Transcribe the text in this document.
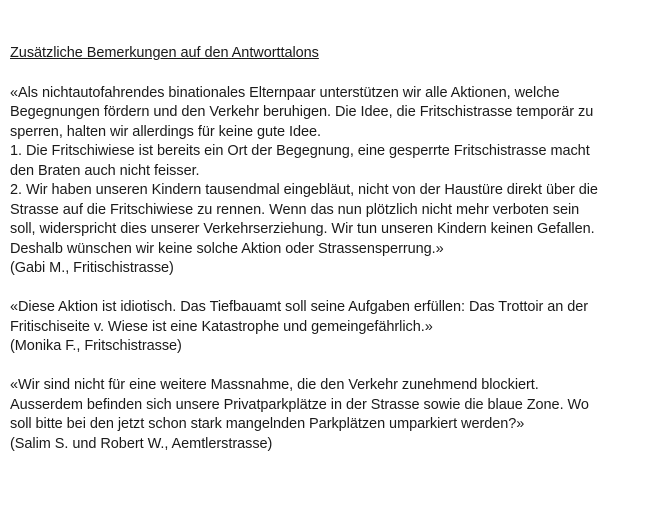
Zusätzliche Bemerkungen auf den Antworttalons
«Als nichtautofahrendes binationales Elternpaar unterstützen wir alle Aktionen, welche
Begegnungen fördern und den Verkehr beruhigen. Die Idee, die Fritschistrasse temporär zu
sperren, halten wir allerdings für keine gute Idee.
1. Die Fritschiwiese ist bereits ein Ort der Begegnung, eine gesperrte Fritschistrasse macht
den Braten auch nicht feisser.
2. Wir haben unseren Kindern tausendmal eingebläut, nicht von der Haustüre direkt über die
Strasse auf die Fritschiwiese zu rennen. Wenn das nun plötzlich nicht mehr verboten sein
soll, widerspricht dies unserer Verkehrserziehung. Wir tun unseren Kindern keinen Gefallen.
Deshalb wünschen wir keine solche Aktion oder Strassensperrung.»
(Gabi M., Fritischistrasse)
«Diese Aktion ist idiotisch. Das Tiefbauamt soll seine Aufgaben erfüllen: Das Trottoir an der
Fritischiseite v. Wiese ist eine Katastrophe und gemeingefährlich.»
(Monika F., Fritschistrasse)
«Wir sind nicht für eine weitere Massnahme, die den Verkehr zunehmend blockiert.
Ausserdem befinden sich unsere Privatparkplätze in der Strasse sowie die blaue Zone. Wo
soll bitte bei den jetzt schon stark mangelnden Parkplätzen umparkiert werden?»
(Salim S. und Robert W., Aemtlerstrasse)
